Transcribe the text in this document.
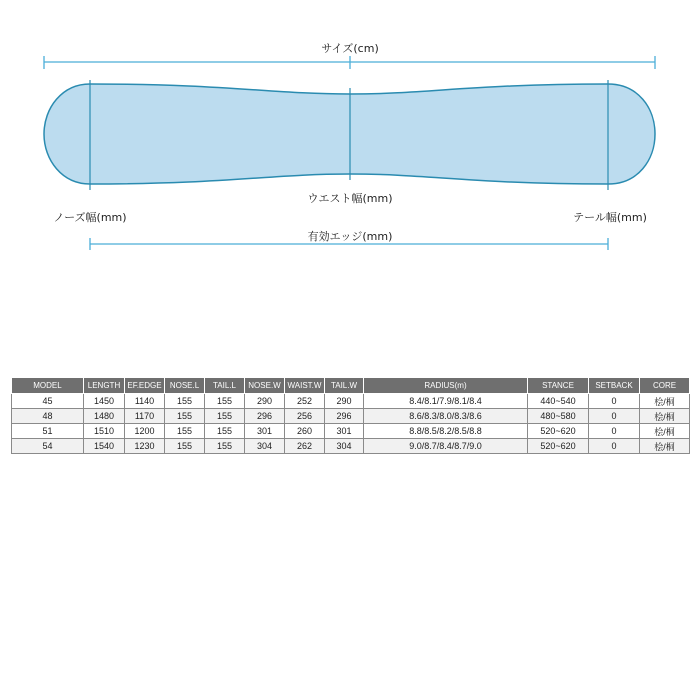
サイズ(cm)
ウエスト幅(mm)
ノーズ幅(mm)	テール幅(mm)
有効エッジ(mm)
MODEL	LENGTH	EF.EDGE	NOSE.L	TAIL.L	NOSE.W	WAIST.W	TAIL.W	RADIUS(m)	STANCE	SETBACK	CORE
45	1450	1140	155	155	290	252	290	8.4/8.1/7.9/8.1/8.4	440~540	0	桧/桐
48	1480	1170	155	155	296	256	296	8.6/8.3/8.0/8.3/8.6	480~580	0	桧/桐
51	1510	1200	155	155	301	260	301	8.8/8.5/8.2/8.5/8.8	520~620	0	桧/桐
54	1540	1230	155	155	304	262	304	9.0/8.7/8.4/8.7/9.0	520~620	0	桧/桐
